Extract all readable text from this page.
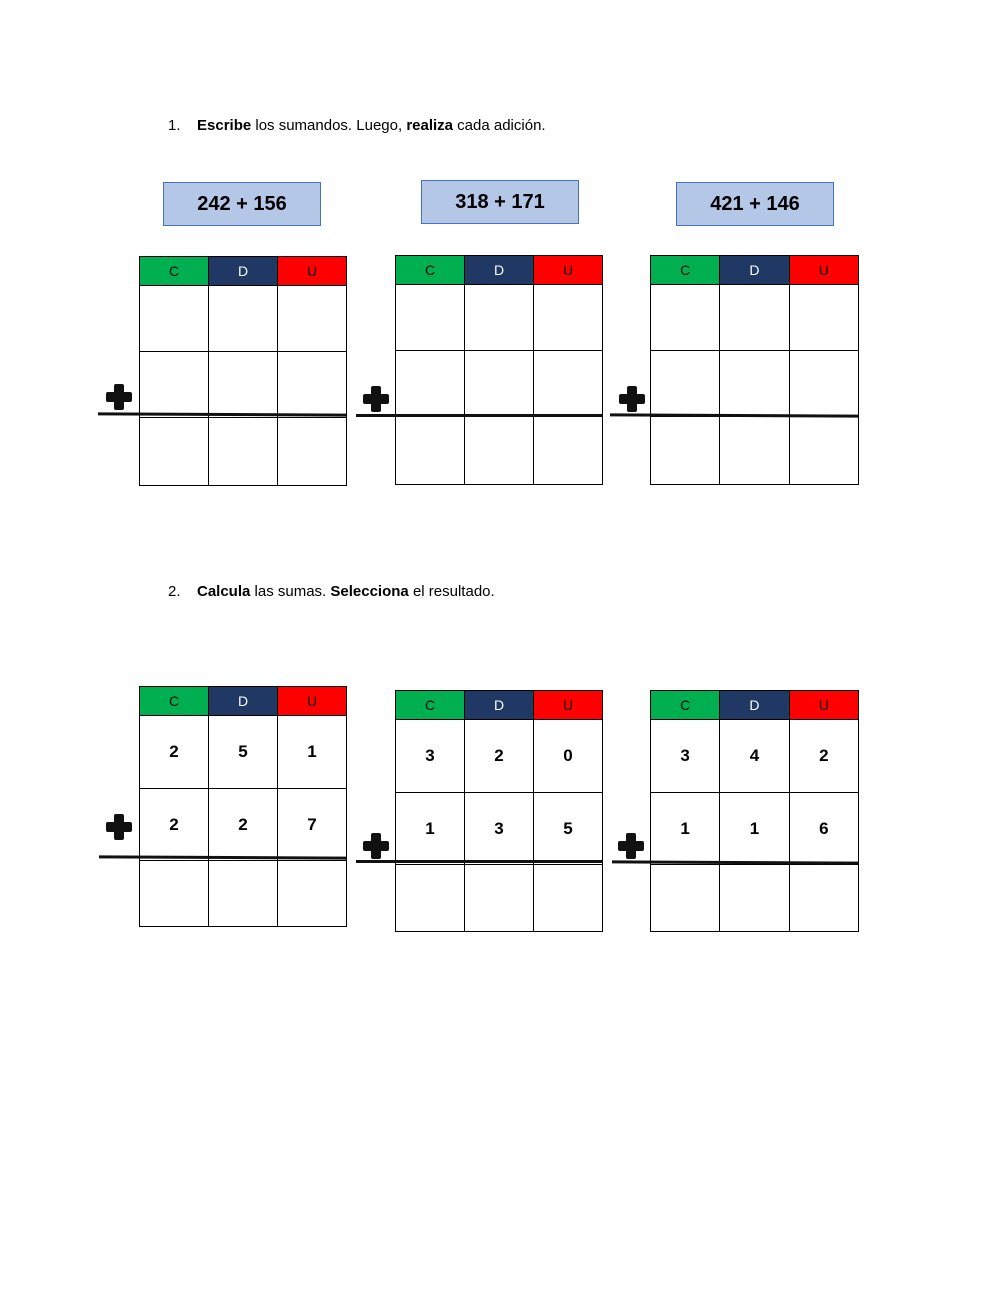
1. Escribe los sumandos. Luego, realiza cada adición.
242 + 156	318 + 171	421 + 146
C	D	U

			C	D	U

			C	D	U

2. Calcula las sumas. Selecciona el resultado.
C	D	U
2	5	1
2	2	7

C	D	U
3	2	0
1	3	5

C	D	U
3	4	2
1	1	6
